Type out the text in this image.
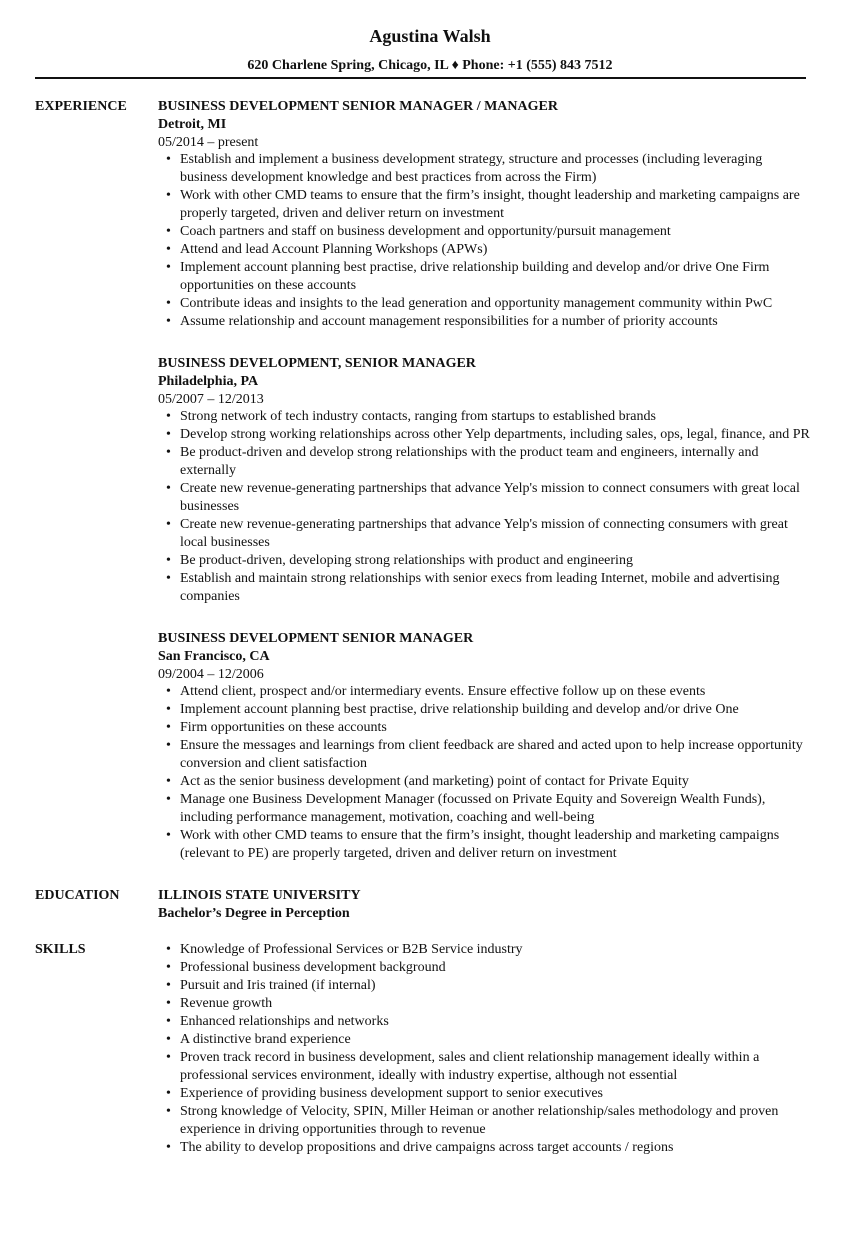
Agustina Walsh
620 Charlene Spring, Chicago, IL ♦ Phone: +1 (555) 843 7512
EXPERIENCE BUSINESS DEVELOPMENT SENIOR MANAGER / MANAGER
Detroit, MI
05/2014 – present
• Establish and implement a business development strategy, structure and processes (including leveraging business development knowledge and best practices from across the Firm)
• Work with other CMD teams to ensure that the firm’s insight, thought leadership and marketing campaigns are properly targeted, driven and deliver return on investment
• Coach partners and staff on business development and opportunity/pursuit management
• Attend and lead Account Planning Workshops (APWs)
• Implement account planning best practise, drive relationship building and develop and/or drive One Firm opportunities on these accounts
• Contribute ideas and insights to the lead generation and opportunity management community within PwC
• Assume relationship and account management responsibilities for a number of priority accounts
BUSINESS DEVELOPMENT, SENIOR MANAGER
Philadelphia, PA
05/2007 – 12/2013
• Strong network of tech industry contacts, ranging from startups to established brands
• Develop strong working relationships across other Yelp departments, including sales, ops, legal, finance, and PR
• Be product-driven and develop strong relationships with the product team and engineers, internally and externally
• Create new revenue-generating partnerships that advance Yelp's mission to connect consumers with great local businesses
• Create new revenue-generating partnerships that advance Yelp's mission of connecting consumers with great local businesses
• Be product-driven, developing strong relationships with product and engineering
• Establish and maintain strong relationships with senior execs from leading Internet, mobile and advertising companies
BUSINESS DEVELOPMENT SENIOR MANAGER
San Francisco, CA
09/2004 – 12/2006
• Attend client, prospect and/or intermediary events. Ensure effective follow up on these events
• Implement account planning best practise, drive relationship building and develop and/or drive One
• Firm opportunities on these accounts
• Ensure the messages and learnings from client feedback are shared and acted upon to help increase opportunity conversion and client satisfaction
• Act as the senior business development (and marketing) point of contact for Private Equity
• Manage one Business Development Manager (focussed on Private Equity and Sovereign Wealth Funds), including performance management, motivation, coaching and well-being
• Work with other CMD teams to ensure that the firm’s insight, thought leadership and marketing campaigns (relevant to PE) are properly targeted, driven and deliver return on investment
EDUCATION	ILLINOIS STATE UNIVERSITY
Bachelor’s Degree in Perception
SKILLS	• Knowledge of Professional Services or B2B Service industry
• Professional business development background
• Pursuit and Iris trained (if internal)
• Revenue growth
• Enhanced relationships and networks
• A distinctive brand experience
• Proven track record in business development, sales and client relationship management ideally within a professional services environment, ideally with industry expertise, although not essential
• Experience of providing business development support to senior executives
• Strong knowledge of Velocity, SPIN, Miller Heiman or another relationship/sales methodology and proven experience in driving opportunities through to revenue
• The ability to develop propositions and drive campaigns across target accounts / regions
